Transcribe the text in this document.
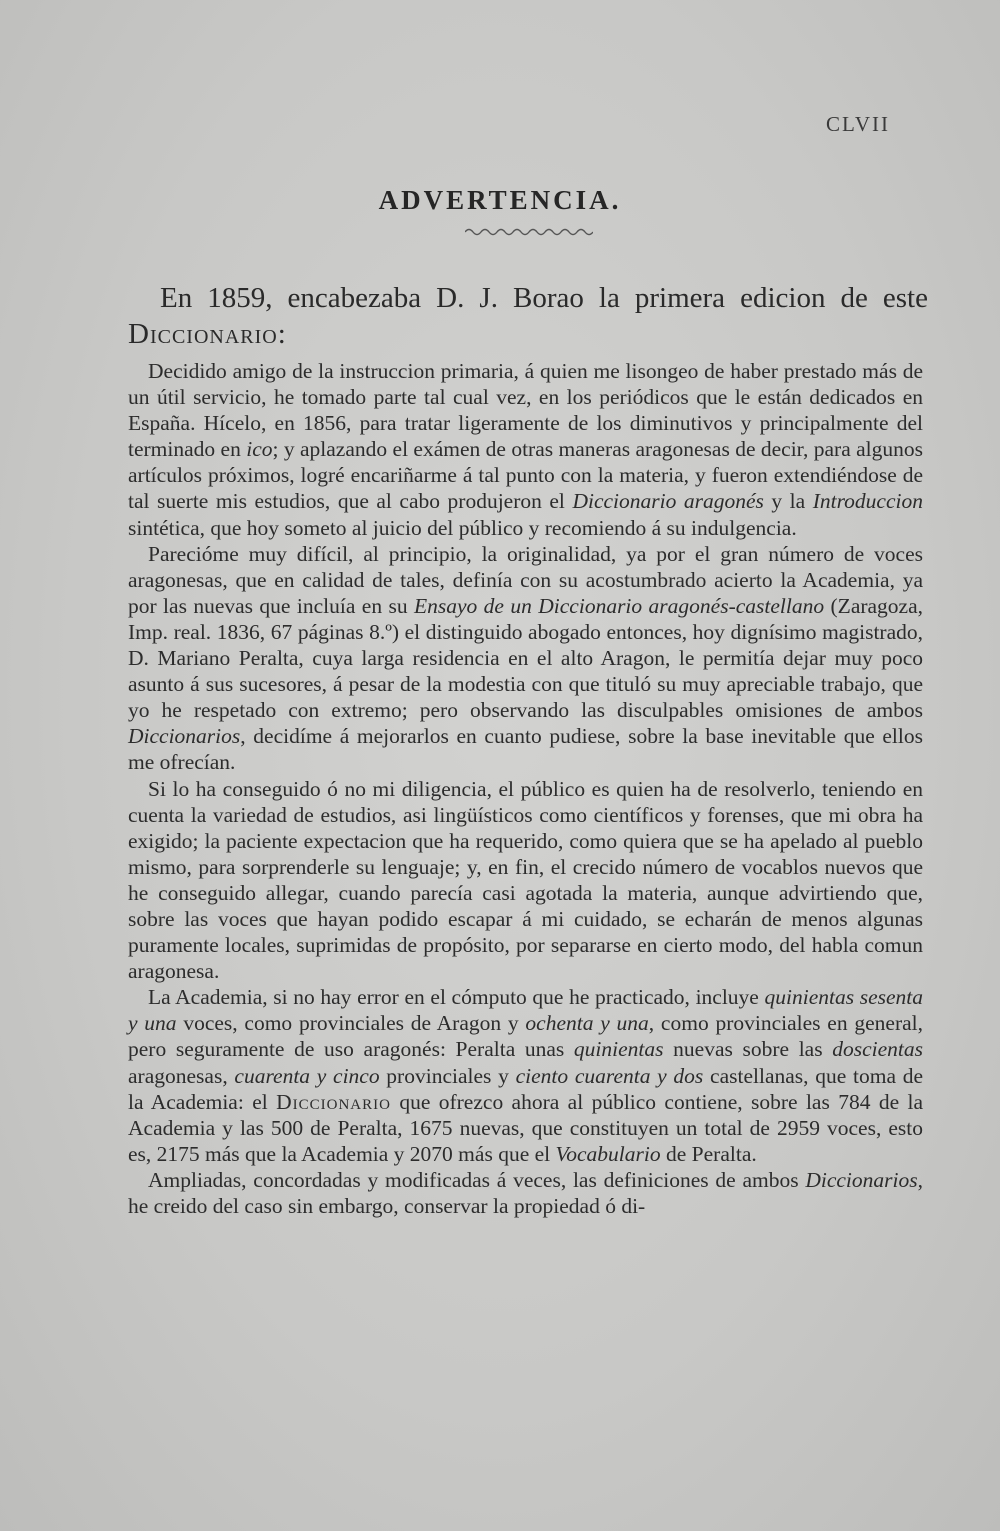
CLVII
ADVERTENCIA.

En 1859, encabezaba D. J. Borao la primera edicion de este

Diccionario:

Decidido amigo de la instruccion primaria, á quien me lisongeo de haber prestado más de un útil servicio, he tomado parte tal cual vez, en los periódicos que le están dedicados en España. Hícelo, en 1856, para tratar ligeramente de los diminutivos y principalmente del terminado en ico; y aplazando el exámen de otras maneras aragonesas de decir, para algunos artículos próximos, logré encariñarme á tal punto con la materia, y fueron extendiéndose de tal suerte mis estudios, que al cabo produjeron el Diccionario aragonés y la Introduccion sintética, que hoy someto al juicio del público y recomiendo á su indulgencia.

Parecióme muy difícil, al principio, la originalidad, ya por el gran número de voces aragonesas, que en calidad de tales, definía con su acostumbrado acierto la Academia, ya por las nuevas que incluía en su Ensayo de un Diccionario aragonés-castellano (Zaragoza, Imp. real. 1836, 67 páginas 8.º) el distinguido abogado entonces, hoy dignísimo magistrado, D. Mariano Peralta, cuya larga residencia en el alto Aragon, le permitía dejar muy poco asunto á sus sucesores, á pesar de la modestia con que tituló su muy apreciable trabajo, que yo he respetado con extremo; pero observando las disculpables omisiones de ambos Diccionarios, decidíme á mejorarlos en cuanto pudiese, sobre la base inevitable que ellos me ofrecían.

Si lo ha conseguido ó no mi diligencia, el público es quien ha de resolverlo, teniendo en cuenta la variedad de estudios, asi lingüísticos como científicos y forenses, que mi obra ha exigido; la paciente expectacion que ha requerido, como quiera que se ha apelado al pueblo mismo, para sorprenderle su lenguaje; y, en fin, el crecido número de vocablos nuevos que he conseguido allegar, cuando parecía casi agotada la materia, aunque advirtiendo que, sobre las voces que hayan podido escapar á mi cuidado, se echarán de menos algunas puramente locales, suprimidas de propósito, por separarse en cierto modo, del habla comun aragonesa.

La Academia, si no hay error en el cómputo que he practicado, incluye quinientas sesenta y una voces, como provinciales de Aragon y ochenta y una, como provinciales en general, pero seguramente de uso aragonés: Peralta unas quinientas nuevas sobre las doscientas aragonesas, cuarenta y cinco provinciales y ciento cuarenta y dos castellanas, que toma de la Academia: el Diccionario que ofrezco ahora al público contiene, sobre las 784 de la Academia y las 500 de Peralta, 1675 nuevas, que constituyen un total de 2959 voces, esto es, 2175 más que la Academia y 2070 más que el Vocabulario de Peralta.

Ampliadas, concordadas y modificadas á veces, las definiciones de ambos Diccionarios, he creido del caso sin embargo, conservar la propiedad ó di-
